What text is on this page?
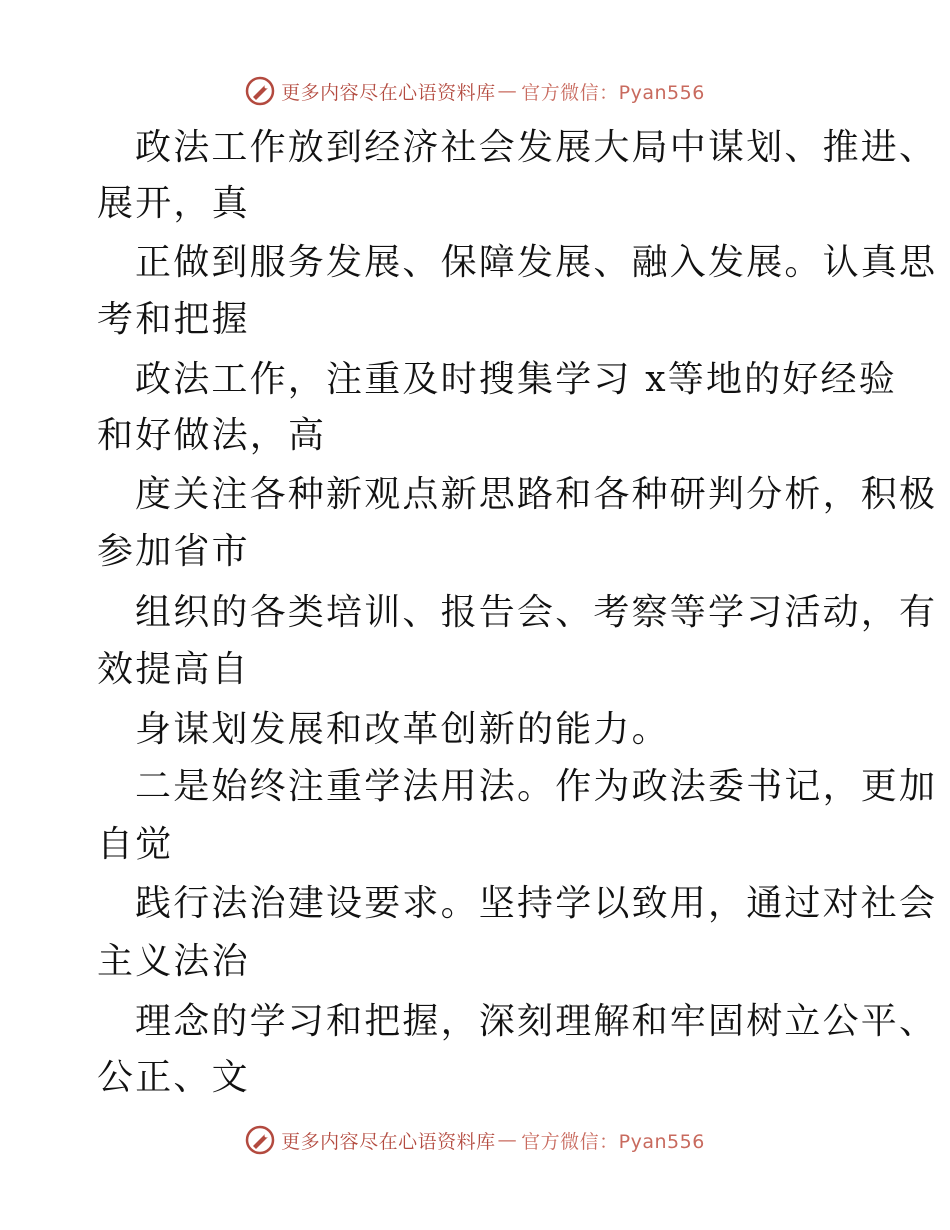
更多内容尽在心语资料库 — 官方微信：Pyan556
政法工作放到经济社会发展大局中谋划、推进、
展开，真
正做到服务发展、保障发展、融入发展。认真思
考和把握
政法工作，注重及时搜集学习 x等地的好经验
和好做法，高
度关注各种新观点新思路和各种研判分析，积极
参加省市
组织的各类培训、报告会、考察等学习活动，有
效提高自
身谋划发展和改革创新的能力。
二是始终注重学法用法。作为政法委书记，更加
自觉
践行法治建设要求。坚持学以致用，通过对社会
主义法治
理念的学习和把握，深刻理解和牢固树立公平、
公正、文
更多内容尽在心语资料库 — 官方微信：Pyan556
